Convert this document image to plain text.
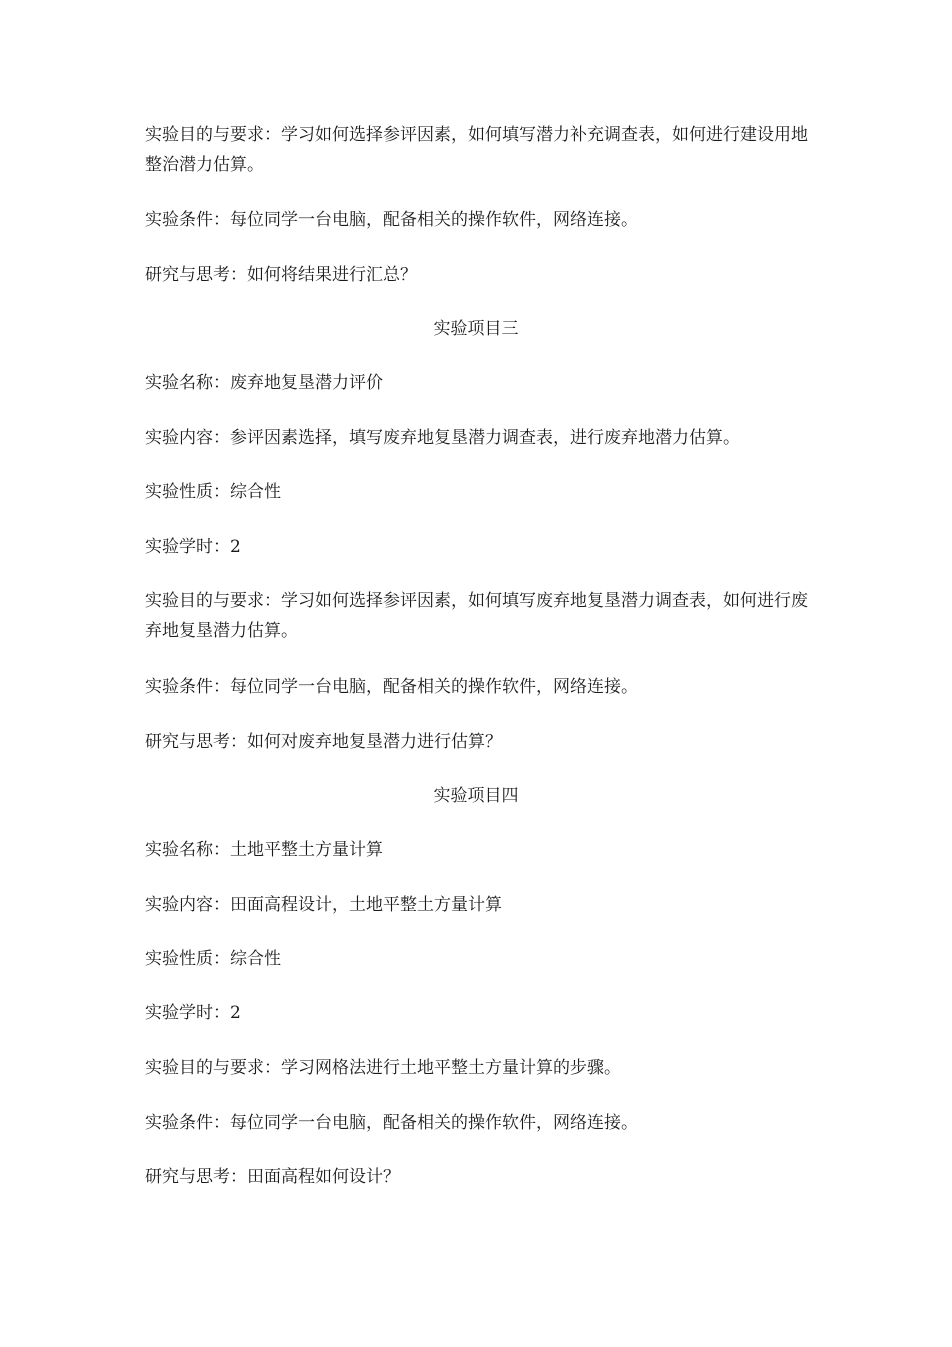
实验目的与要求：学习如何选择参评因素，如何填写潜力补充调查表，如何进行建设用地整治潜力估算。

实验条件：每位同学一台电脑，配备相关的操作软件，网络连接。

研究与思考：如何将结果进行汇总？

实验项目三

实验名称：废弃地复垦潜力评价

实验内容：参评因素选择，填写废弃地复垦潜力调查表，进行废弃地潜力估算。

实验性质：综合性

实验学时：2

实验目的与要求：学习如何选择参评因素，如何填写废弃地复垦潜力调查表，如何进行废弃地复垦潜力估算。

实验条件：每位同学一台电脑，配备相关的操作软件，网络连接。

研究与思考：如何对废弃地复垦潜力进行估算？

实验项目四

实验名称：土地平整土方量计算

实验内容：田面高程设计，土地平整土方量计算

实验性质：综合性

实验学时：2

实验目的与要求：学习网格法进行土地平整土方量计算的步骤。

实验条件：每位同学一台电脑，配备相关的操作软件，网络连接。

研究与思考：田面高程如何设计？
